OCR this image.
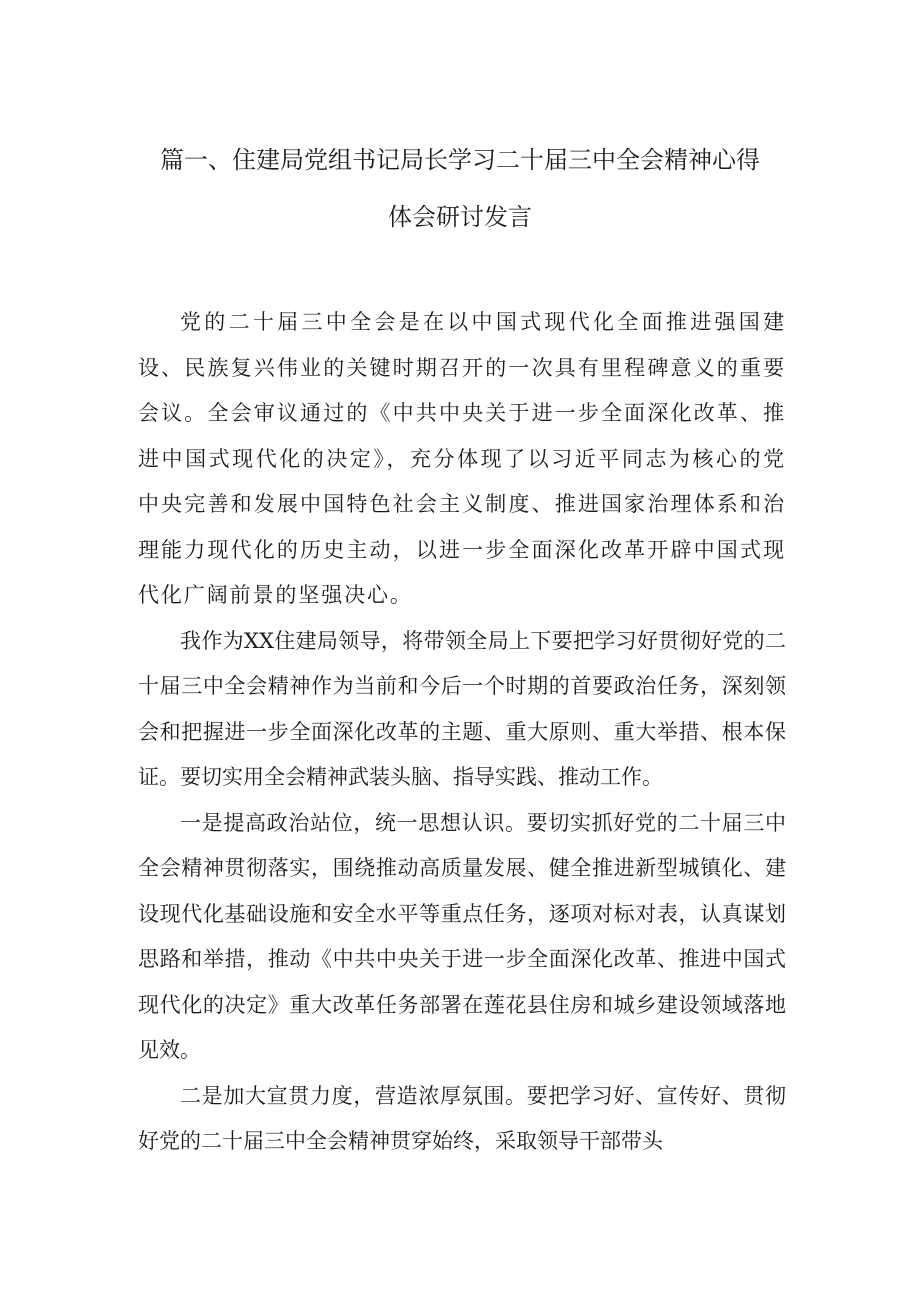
篇一、住建局党组书记局长学习二十届三中全会精神心得
体会研讨发言

党的二十届三中全会是在以中国式现代化全面推进强国建设、民族复兴伟业的关键时期召开的一次具有里程碑意义的重要会议。全会审议通过的《中共中央关于进一步全面深化改革、推进中国式现代化的决定》，充分体现了以习近平同志为核心的党中央完善和发展中国特色社会主义制度、推进国家治理体系和治理能力现代化的历史主动，以进一步全面深化改革开辟中国式现代化广阔前景的坚强决心。

我作为XX住建局领导，将带领全局上下要把学习好贯彻好党的二十届三中全会精神作为当前和今后一个时期的首要政治任务，深刻领会和把握进一步全面深化改革的主题、重大原则、重大举措、根本保证。要切实用全会精神武装头脑、指导实践、推动工作。

一是提高政治站位，统一思想认识。要切实抓好党的二十届三中全会精神贯彻落实，围绕推动高质量发展、健全推进新型城镇化、建设现代化基础设施和安全水平等重点任务，逐项对标对表，认真谋划思路和举措，推动《中共中央关于进一步全面深化改革、推进中国式现代化的决定》重大改革任务部署在莲花县住房和城乡建设领域落地见效。

二是加大宣贯力度，营造浓厚氛围。要把学习好、宣传好、贯彻好党的二十届三中全会精神贯穿始终，采取领导干部带头
